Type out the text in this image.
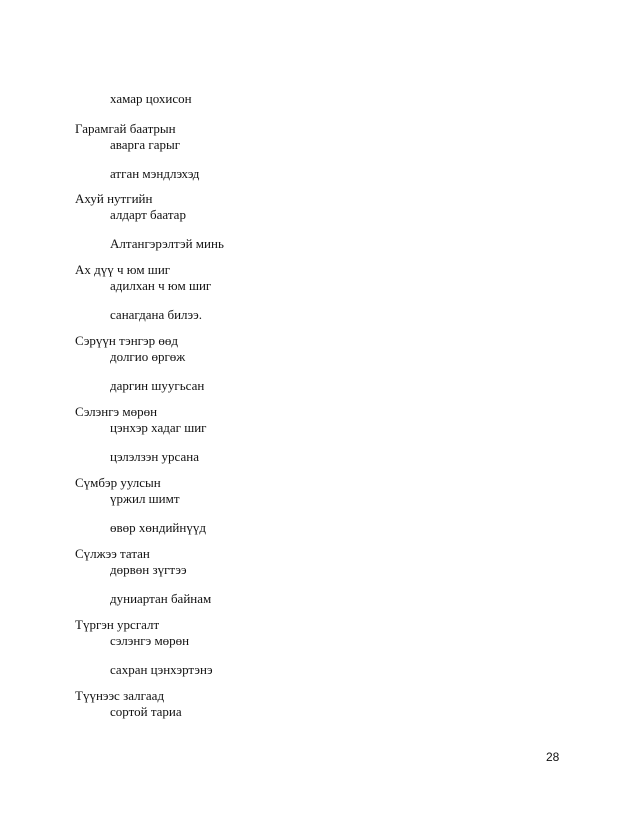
хамар цохисон
Гарамгай баатрын
аварга гарыг
атган мэндлэхэд
Ахуй нутгийн
алдарт баатар
Алтангэрэлтэй минь
Ах дүү ч юм шиг
адилхан ч юм шиг
санагдана билээ.
Сэрүүн тэнгэр өөд
долгио өргөж
даргин шуугьсан
Сэлэнгэ мөрөн
цэнхэр хадаг шиг
цэлэлзэн урсана
Сүмбэр уулсын
үржил шимт
өвөр хөндийнүүд
Сүлжээ татан
дөрвөн зүгтээ
дуниартан байнам
Түргэн урсгалт
сэлэнгэ мөрөн
сахран цэнхэртэнэ
Түүнээс залгаад
сортой тариа
28
